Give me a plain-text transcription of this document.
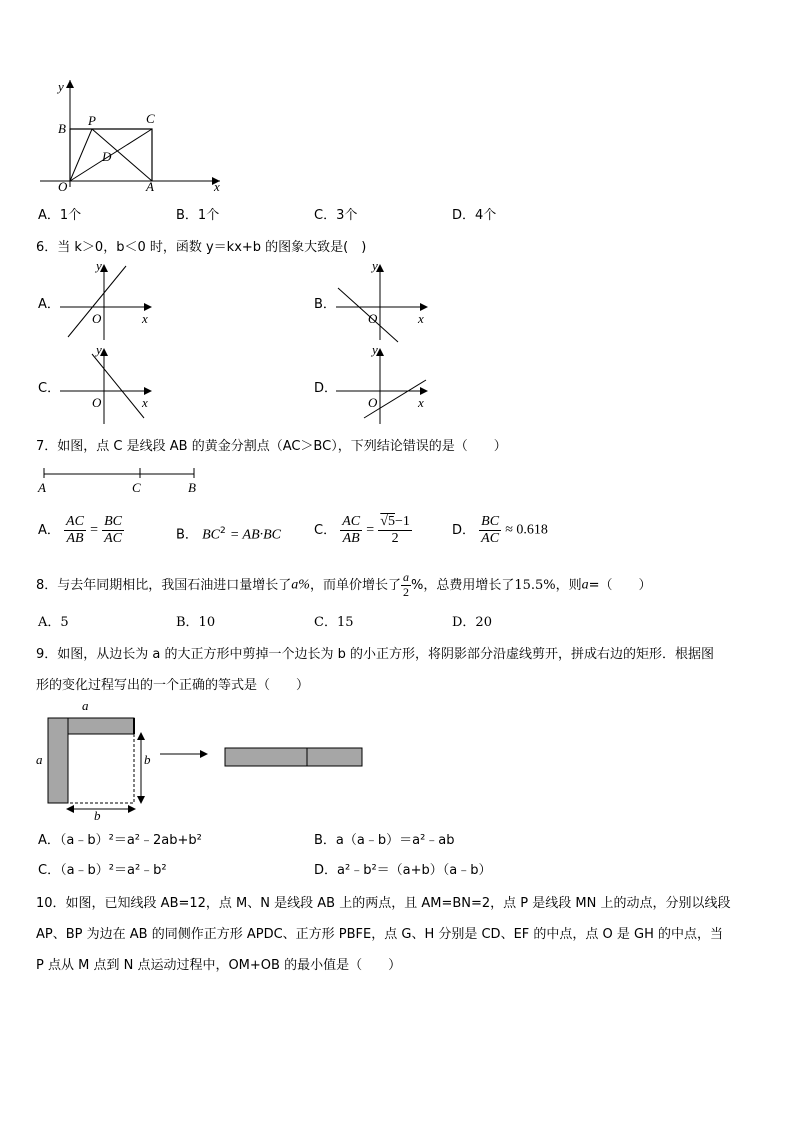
y
B
P	C
D
O	A	x
A．1个	B．1个	C．3个	D．4个
6．当 k＞0，b＜0 时，函数 y＝kx+b 的图象大致是(　)
A．	B．
C．	D．
y
O	x
y
O	x
y
O	x
y
O	x
7．如图，点 C 是线段 AB 的黄金分割点（AC＞BC），下列结论错误的是（　　）
A	C	B
A． $\frac{AC}{AB} = \frac{BC}{AC}$	B． $BC^2 = AB\cdot BC$	C． $\frac{AC}{AB} = \frac{√5-1}{2}$	D． $\frac{BC}{AC} \approx 0.618$
8．与去年同期相比，我国石油进口量增长了a%，而单价增长了 $\frac{a}{2}$ %，总费用增长了15.5%，则a=（　　）
A．5	B．10	C．15	D．20
9．如图，从边长为 a 的大正方形中剪掉一个边长为 b 的小正方形，将阴影部分沿虚线剪开，拼成右边的矩形．根据图
形的变化过程写出的一个正确的等式是（　　）
a
a	b
b
A．（a﹣b）²＝a²﹣2ab+b²	B．a（a﹣b）＝a²﹣ab
C．（a﹣b）²＝a²﹣b²	D．a²﹣b²＝（a+b）（a﹣b）
10．如图，已知线段 AB=12，点 M、N 是线段 AB 上的两点，且 AM=BN=2，点 P 是线段 MN 上的动点，分别以线段
AP、BP 为边在 AB 的同侧作正方形 APDC、正方形 PBFE，点 G、H 分别是 CD、EF 的中点，点 O 是 GH 的中点，当
P 点从 M 点到 N 点运动过程中，OM+OB 的最小值是（　　）
